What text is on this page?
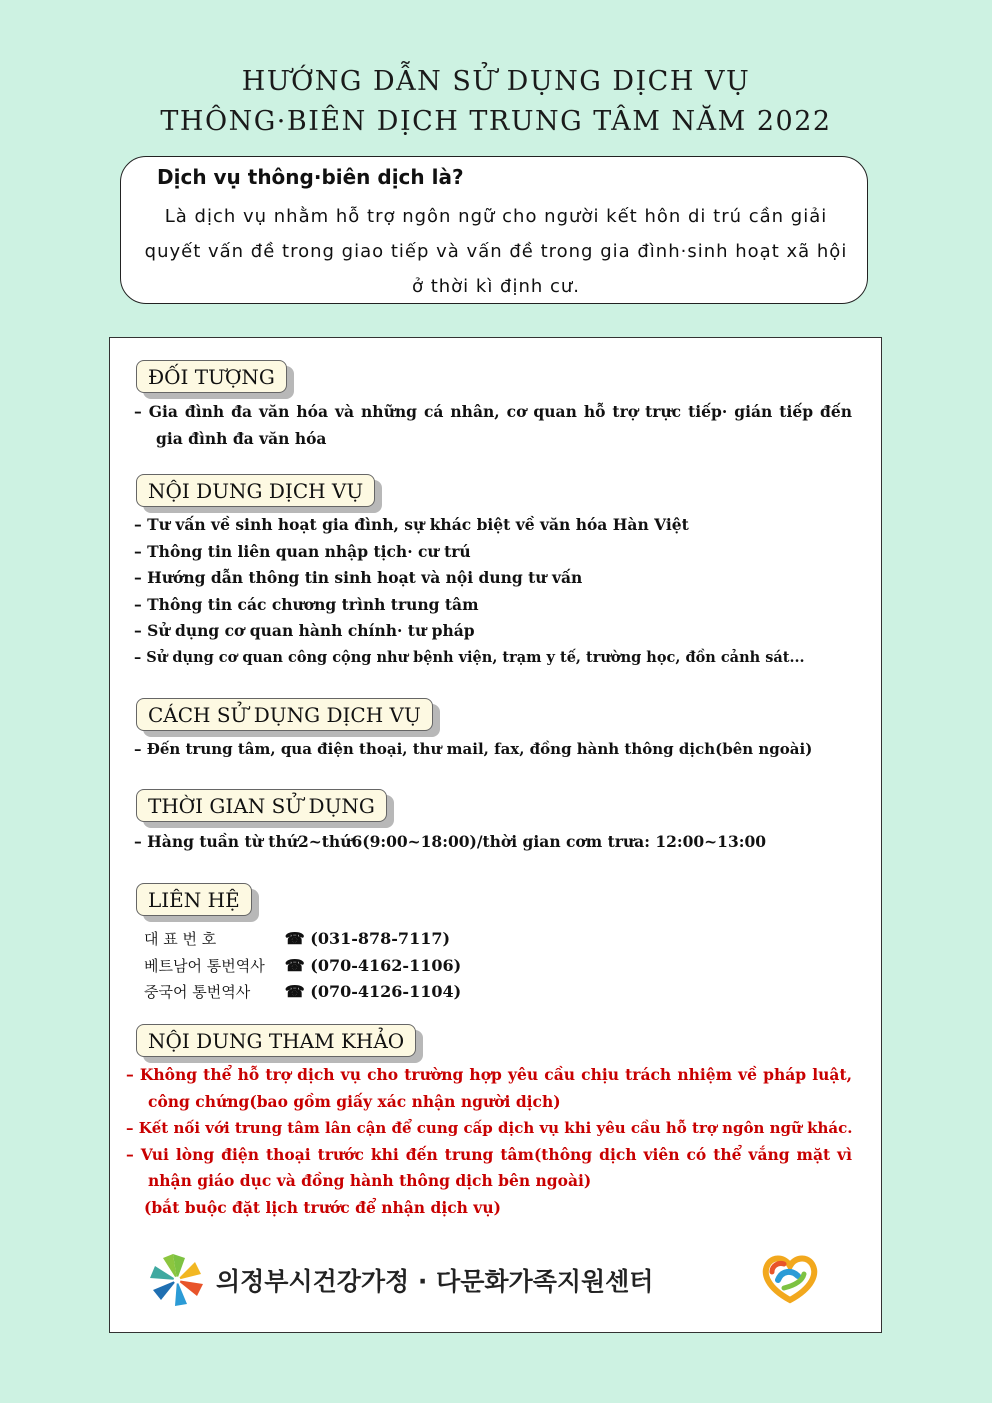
HƯỚNG DẪN SỬ DỤNG DỊCH VỤ
THÔNG·BIÊN DỊCH TRUNG TÂM NĂM 2022
Dịch vụ thông·biên dịch là?
Là dịch vụ nhằm hỗ trợ ngôn ngữ cho người kết hôn di trú cần giải quyết vấn đề trong giao tiếp và vấn đề trong gia đình·sinh hoạt xã hội ở thời kì định cư.
ĐỐI TƯỢNG
– Gia đình đa văn hóa và những cá nhân, cơ quan hỗ trợ trực tiếp· gián tiếp đến gia đình đa văn hóa
NỘI DUNG DỊCH VỤ
– Tư vấn về sinh hoạt gia đình, sự khác biệt về văn hóa Hàn Việt
– Thông tin liên quan nhập tịch· cư trú
– Hướng dẫn thông tin sinh hoạt và nội dung tư vấn
– Thông tin các chương trình trung tâm
– Sử dụng cơ quan hành chính· tư pháp
– Sử dụng cơ quan công cộng như bệnh viện, trạm y tế, trường học, đồn cảnh sát...
CÁCH SỬ DỤNG DỊCH VỤ
– Đến trung tâm, qua điện thoại, thư mail, fax, đồng hành thông dịch(bên ngoài)
THỜI GIAN SỬ DỤNG
– Hàng tuần từ thứ2~thứ6(9:00~18:00)/thời gian cơm trưa: 12:00~13:00
LIÊN HỆ
대 표 번 호	☎ (031-878-7117)
베트남어 통번역사 ☎ (070-4162-1106)
중국어 통번역사 ☎ (070-4126-1104)
NỘI DUNG THAM KHẢO
– Không thể hỗ trợ dịch vụ cho trường hợp yêu cầu chịu trách nhiệm về pháp luật, công chứng(bao gồm giấy xác nhận người dịch)
– Kết nối với trung tâm lân cận để cung cấp dịch vụ khi yêu cầu hỗ trợ ngôn ngữ khác.
– Vui lòng điện thoại trước khi đến trung tâm(thông dịch viên có thể vắng mặt vì nhận giáo dục và đồng hành thông dịch bên ngoài)
(bắt buộc đặt lịch trước để nhận dịch vụ)
의정부시건강가정 · 다문화가족지원센터
